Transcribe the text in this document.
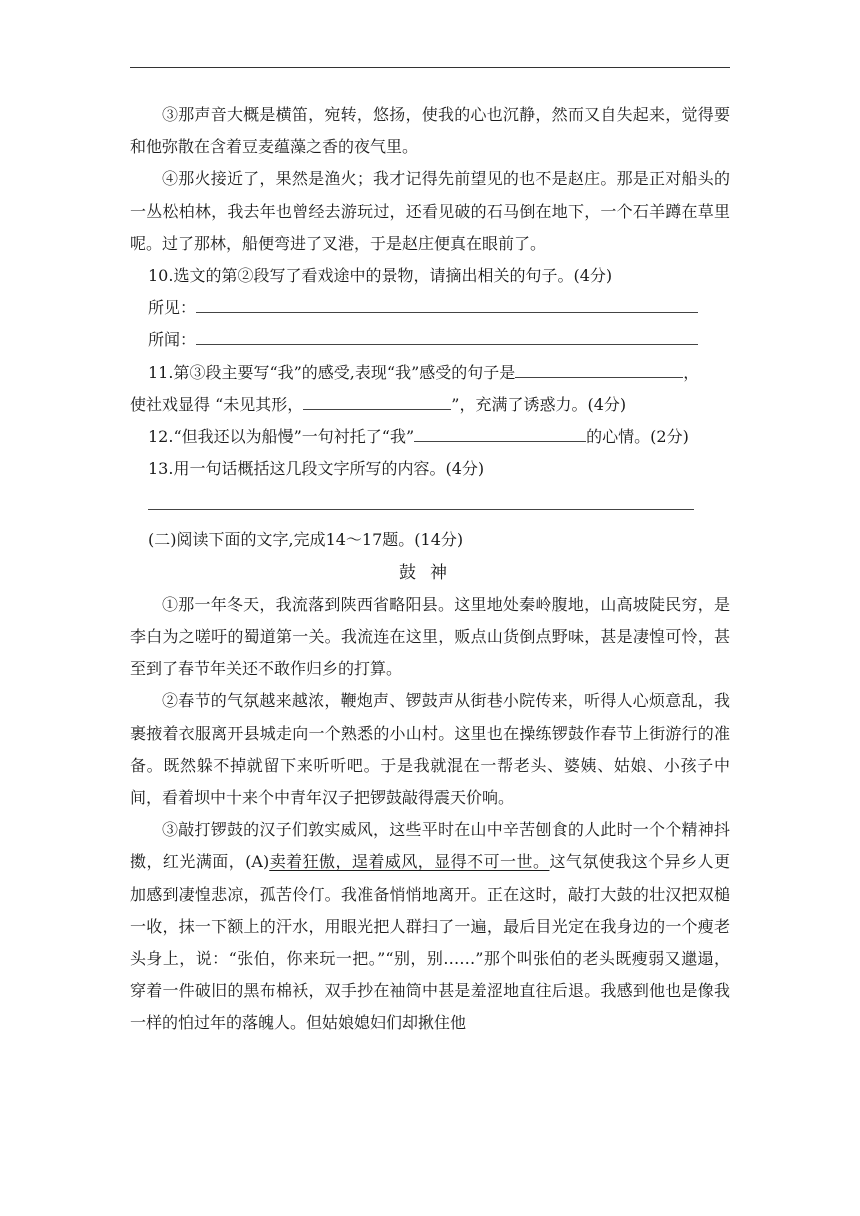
③那声音大概是横笛，宛转，悠扬，使我的心也沉静，然而又自失起来，觉得要和他弥散在含着豆麦蕴藻之香的夜气里。

④那火接近了，果然是渔火；我才记得先前望见的也不是赵庄。那是正对船头的一丛松柏林，我去年也曾经去游玩过，还看见破的石马倒在地下，一个石羊蹲在草里呢。过了那林，船便弯进了叉港，于是赵庄便真在眼前了。

10.选文的第②段写了看戏途中的景物，请摘出相关的句子。(4分)

所见：

所闻：

11.第③段主要写“我”的感受,表现“我”感受的句子是	，

使社戏显得 “未见其形，	”，充满了诱惑力。(4分)

12.“但我还以为船慢”一句衬托了“我”	的心情。(2分)

13.用一句话概括这几段文字所写的内容。(4分)

(二)阅读下面的文字,完成14～17题。(14分)

鼓神

①那一年冬天，我流落到陕西省略阳县。这里地处秦岭腹地，山高坡陡民穷，是李白为之嗟吁的蜀道第一关。我流连在这里，贩点山货倒点野味，甚是凄惶可怜，甚至到了春节年关还不敢作归乡的打算。

②春节的气氛越来越浓，鞭炮声、锣鼓声从街巷小院传来，听得人心烦意乱，我裹掖着衣服离开县城走向一个熟悉的小山村。这里也在操练锣鼓作春节上街游行的准备。既然躲不掉就留下来听听吧。于是我就混在一帮老头、婆姨、姑娘、小孩子中间，看着坝中十来个中青年汉子把锣鼓敲得震天价响。

③敲打锣鼓的汉子们敦实威风，这些平时在山中辛苦刨食的人此时一个个精神抖擞，红光满面，(A)卖着狂傲，逞着威风，显得不可一世。这气氛使我这个异乡人更加感到凄惶悲凉，孤苦伶仃。我准备悄悄地离开。正在这时，敲打大鼓的壮汉把双槌一收，抹一下额上的汗水，用眼光把人群扫了一遍，最后目光定在我身边的一个瘦老头身上，说：“张伯，你来玩一把。”“别，别……”那个叫张伯的老头既瘦弱又邋遢，穿着一件破旧的黑布棉袄，双手抄在袖筒中甚是羞涩地直往后退。我感到他也是像我一样的怕过年的落魄人。但姑娘媳妇们却揪住他
